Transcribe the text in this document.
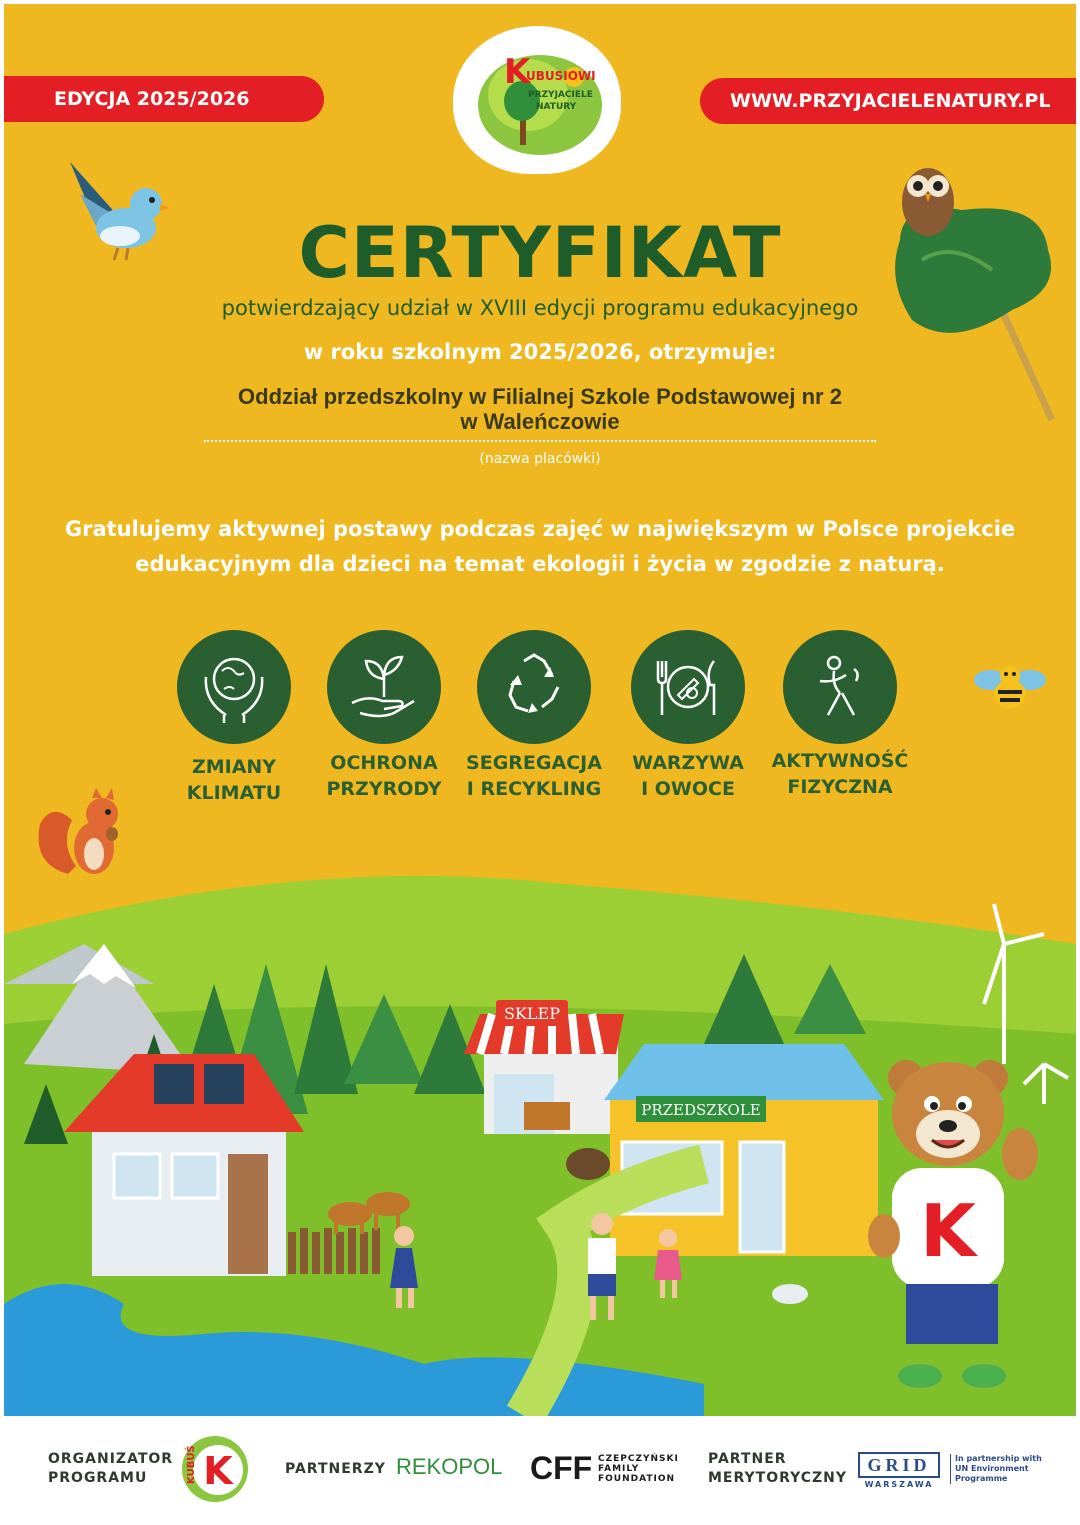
EDYCJA 2025/2026	WWW.PRZYJACIELENATURY.PL
K
UBUSIOWI
PRZYJACIELE
NATURY
CERTYFIKAT
potwierdzający udział w XVIII edycji programu edukacyjnego
w roku szkolnym 2025/2026, otrzymuje:
Oddział przedszkolny w Filialnej Szkole Podstawowej nr 2
w Waleńczowie
(nazwa placówki)
Gratulujemy aktywnej postawy podczas zajęć w największym w Polsce projekcie
edukacyjnym dla dzieci na temat ekologii i życia w zgodzie z naturą.
ZMIANY
KLIMATU
OCHRONA
PRZYRODY
SEGREGACJA
I RECYKLING
WARZYWA
I OWOCE
AKTYWNOŚĆ
FIZYCZNA
SKLEP
PRZEDSZKOLE
K
ORGANIZATOR
PROGRAMU	KUBUŚ K	PARTNERZY REKOPOL CFF CZEPCZYŃSKI
FAMILY
FOUNDATION
PARTNER
MERYTORYCZNY
GRID
WARSZAWA
In partnership with
UN Environment
Programme
